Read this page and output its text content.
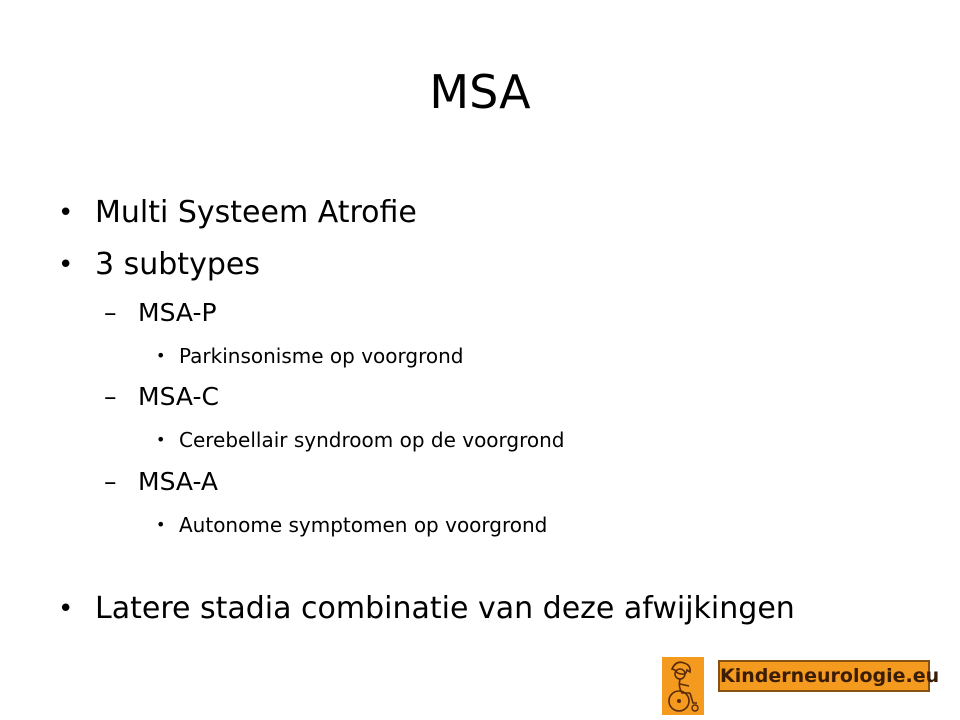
MSA
• Multi Systeem Atrofie
• 3 subtypes
– MSA-P
• Parkinsonisme op voorgrond
– MSA-C
• Cerebellair syndroom op de voorgrond
– MSA-A
• Autonome symptomen op voorgrond
• Latere stadia combinatie van deze afwijkingen
Kinderneurologie.eu
